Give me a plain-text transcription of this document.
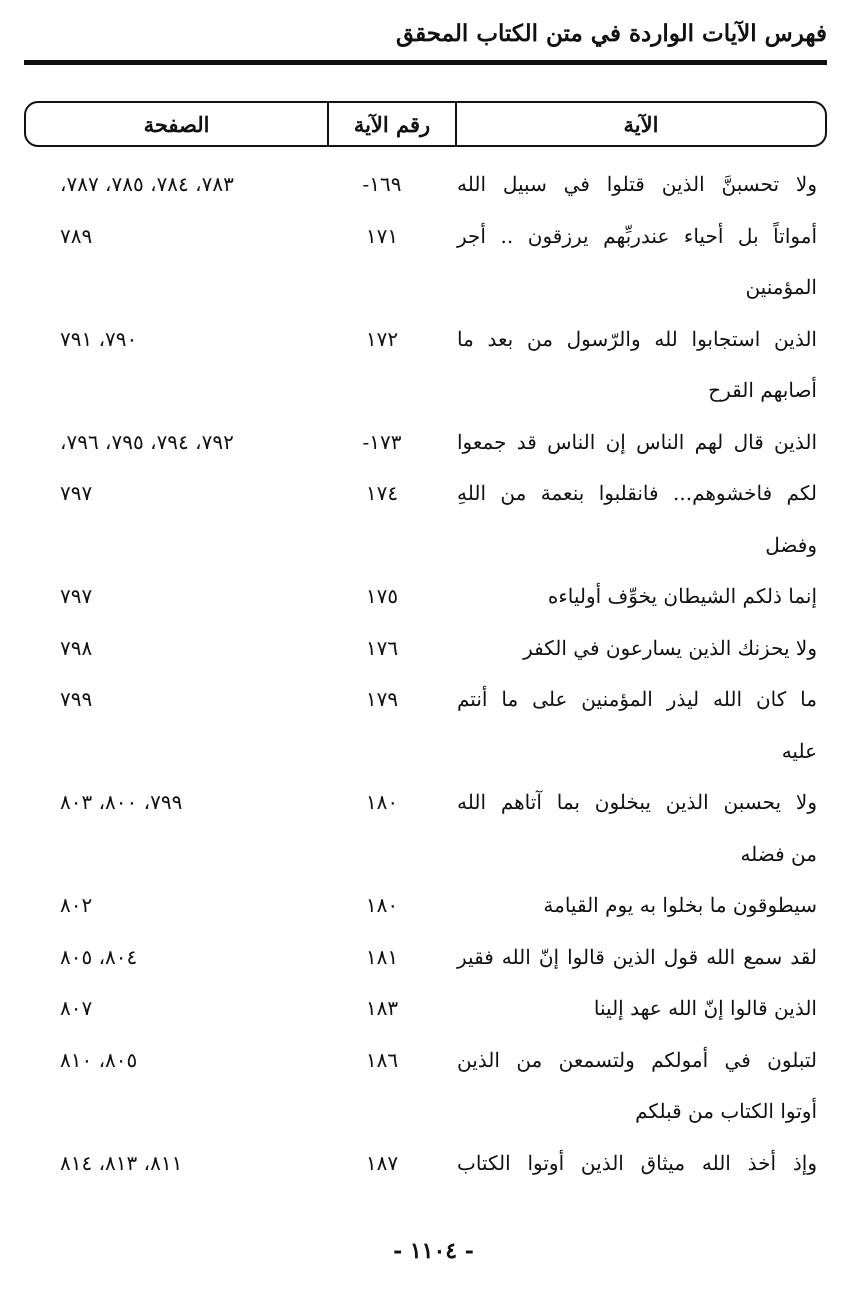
فهرس الآيات الواردة في متن الكتاب المحقق
الآية
رقم الآية
الصفحة
ولا تحسبنَّ الذين قتلوا في سبيل الله
١٦٩-
٧٨٣، ٧٨٤، ٧٨٥، ٧٨٧،
أمواتاً بل أحياء عندربِّهم يرزقون .. أجر
١٧١
٧٨٩
المؤمنين
الذين استجابوا لله والرّسول من بعد ما
١٧٢
٧٩٠، ٧٩١
أصابهم القرح
الذين قال لهم الناس إن الناس قد جمعوا
١٧٣-
٧٩٢، ٧٩٤، ٧٩٥، ٧٩٦،
لكم فاخشوهم... فانقلبوا بنعمة من اللهِ
١٧٤
٧٩٧
وفضل
إنما ذلكم الشيطان يخوِّف أولياءه
١٧٥
٧٩٧
ولا يحزنك الذين يسارعون في الكفر
١٧٦
٧٩٨
ما كان الله ليذر المؤمنين على ما أنتم
١٧٩
٧٩٩
عليه
ولا يحسبن الذين يبخلون بما آتاهم الله
١٨٠
٧٩٩، ٨٠٠، ٨٠٣
من فضله
سيطوقون ما بخلوا به يوم القيامة
١٨٠
٨٠٢
لقد سمع الله قول الذين قالوا إنّ الله فقير
١٨١
٨٠٤، ٨٠٥
الذين قالوا إنّ الله عهد إلينا
١٨٣
٨٠٧
لتبلون في أمولكم ولتسمعن من الذين
١٨٦
٨٠٥، ٨١٠
أوتوا الكتاب من قبلكم
وإذ أخذ الله ميثاق الذين أوتوا الكتاب
١٨٧
٨١١، ٨١٣، ٨١٤
- ١١٠٤ -
